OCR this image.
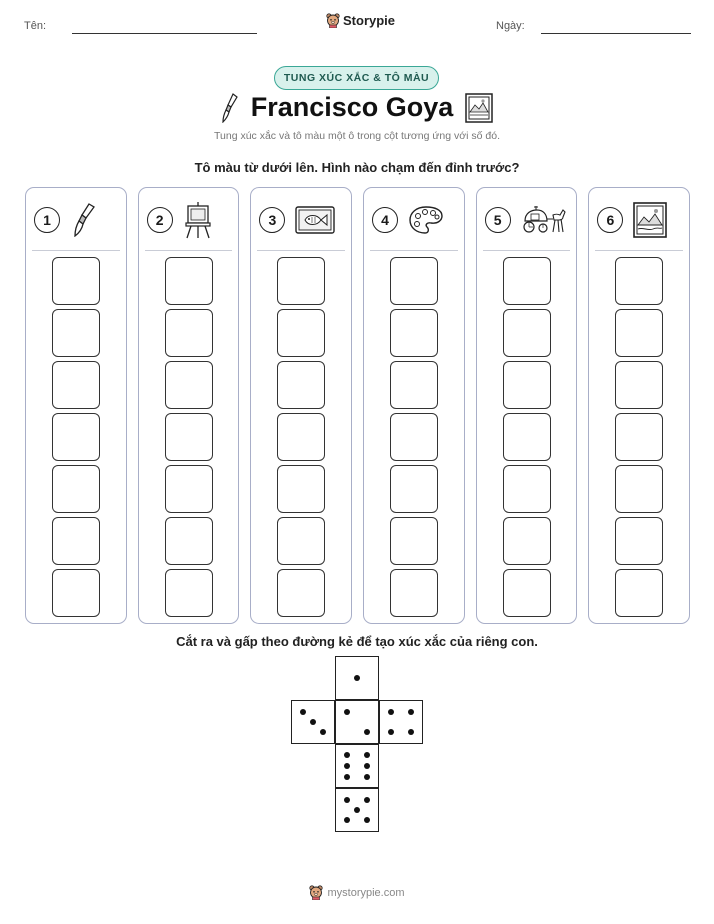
Tên:	Storypie	Ngày:
TUNG XÚC XẮC & TÔ MÀU
Francisco Goya
Tung xúc xắc và tô màu một ô trong cột tương ứng với số đó.
Tô màu từ dưới lên. Hình nào chạm đến đỉnh trước?
1	2	3	4	5	6
Cắt ra và gấp theo đường kẻ để tạo xúc xắc của riêng con.
mystorypie.com
